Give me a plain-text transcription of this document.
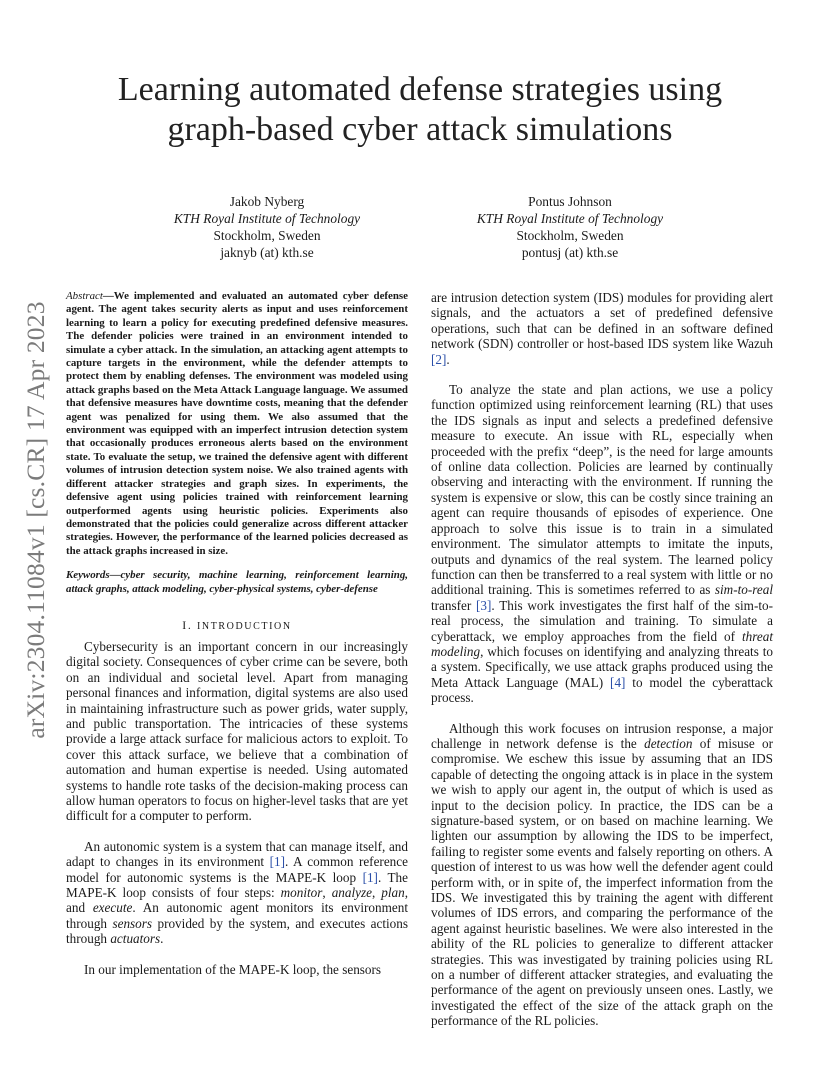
arXiv:2304.11084v1 [cs.CR] 17 Apr 2023
Learning automated defense strategies using
graph-based cyber attack simulations
Jakob Nyberg
KTH Royal Institute of Technology
Stockholm, Sweden
jaknyb (at) kth.se
Pontus Johnson
KTH Royal Institute of Technology
Stockholm, Sweden
pontusj (at) kth.se

Abstract—We implemented and evaluated an automated cyber defense agent. The agent takes security alerts as input and uses reinforcement learning to learn a policy for executing predefined defensive measures. The defender policies were trained in an environment intended to simulate a cyber attack. In the simulation, an attacking agent attempts to capture targets in the environment, while the defender attempts to protect them by enabling defenses. The environment was modeled using attack graphs based on the Meta Attack Language language. We assumed that defensive measures have downtime costs, meaning that the defender agent was penalized for using them. We also assumed that the environment was equipped with an imperfect intrusion detection system that occasionally produces erroneous alerts based on the environment state. To evaluate the setup, we trained the defensive agent with different volumes of intrusion detection system noise. We also trained agents with different attacker strategies and graph sizes. In experiments, the defensive agent using policies trained with reinforcement learning outperformed agents using heuristic policies. Experiments also demonstrated that the policies could generalize across different attacker strategies. However, the performance of the learned policies decreased as the attack graphs increased in size.

Keywords—cyber security, machine learning, reinforcement learning, attack graphs, attack modeling, cyber-physical systems, cyber-defense

I. INTRODUCTION

Cybersecurity is an important concern in our increasingly digital society. Consequences of cyber crime can be severe, both on an individual and societal level. Apart from managing personal finances and information, digital systems are also used in maintaining infrastructure such as power grids, water supply, and public transportation. The intricacies of these systems provide a large attack surface for malicious actors to exploit. To cover this attack surface, we believe that a combination of automation and human expertise is needed. Using automated systems to handle rote tasks of the decision-making process can allow human operators to focus on higher-level tasks that are yet difficult for a computer to perform.

An autonomic system is a system that can manage itself, and adapt to changes in its environment [1]. A common reference model for autonomic systems is the MAPE-K loop [1]. The MAPE-K loop consists of four steps: monitor, analyze, plan, and execute. An autonomic agent monitors its environment through sensors provided by the system, and executes actions through actuators.

In our implementation of the MAPE-K loop, the sensors

are intrusion detection system (IDS) modules for providing alert signals, and the actuators a set of predefined defensive operations, such that can be defined in an software defined network (SDN) controller or host-based IDS system like Wazuh [2].

To analyze the state and plan actions, we use a policy function optimized using reinforcement learning (RL) that uses the IDS signals as input and selects a predefined defensive measure to execute. An issue with RL, especially when proceeded with the prefix “deep”, is the need for large amounts of online data collection. Policies are learned by continually observing and interacting with the environment. If running the system is expensive or slow, this can be costly since training an agent can require thousands of episodes of experience. One approach to solve this issue is to train in a simulated environment. The simulator attempts to imitate the inputs, outputs and dynamics of the real system. The learned policy function can then be transferred to a real system with little or no additional training. This is sometimes referred to as sim-to-real transfer [3]. This work investigates the first half of the sim-to-real process, the simulation and training. To simulate a cyberattack, we employ approaches from the field of threat modeling, which focuses on identifying and analyzing threats to a system. Specifically, we use attack graphs produced using the Meta Attack Language (MAL) [4] to model the cyberattack process.

Although this work focuses on intrusion response, a major challenge in network defense is the detection of misuse or compromise. We eschew this issue by assuming that an IDS capable of detecting the ongoing attack is in place in the system we wish to apply our agent in, the output of which is used as input to the decision policy. In practice, the IDS can be a signature-based system, or on based on machine learning. We lighten our assumption by allowing the IDS to be imperfect, failing to register some events and falsely reporting on others. A question of interest to us was how well the defender agent could perform with, or in spite of, the imperfect information from the IDS. We investigated this by training the agent with different volumes of IDS errors, and comparing the performance of the agent against heuristic baselines. We were also interested in the ability of the RL policies to generalize to different attacker strategies. This was investigated by training policies using RL on a number of different attacker strategies, and evaluating the performance of the agent on previously unseen ones. Lastly, we investigated the effect of the size of the attack graph on the performance of the RL policies.
